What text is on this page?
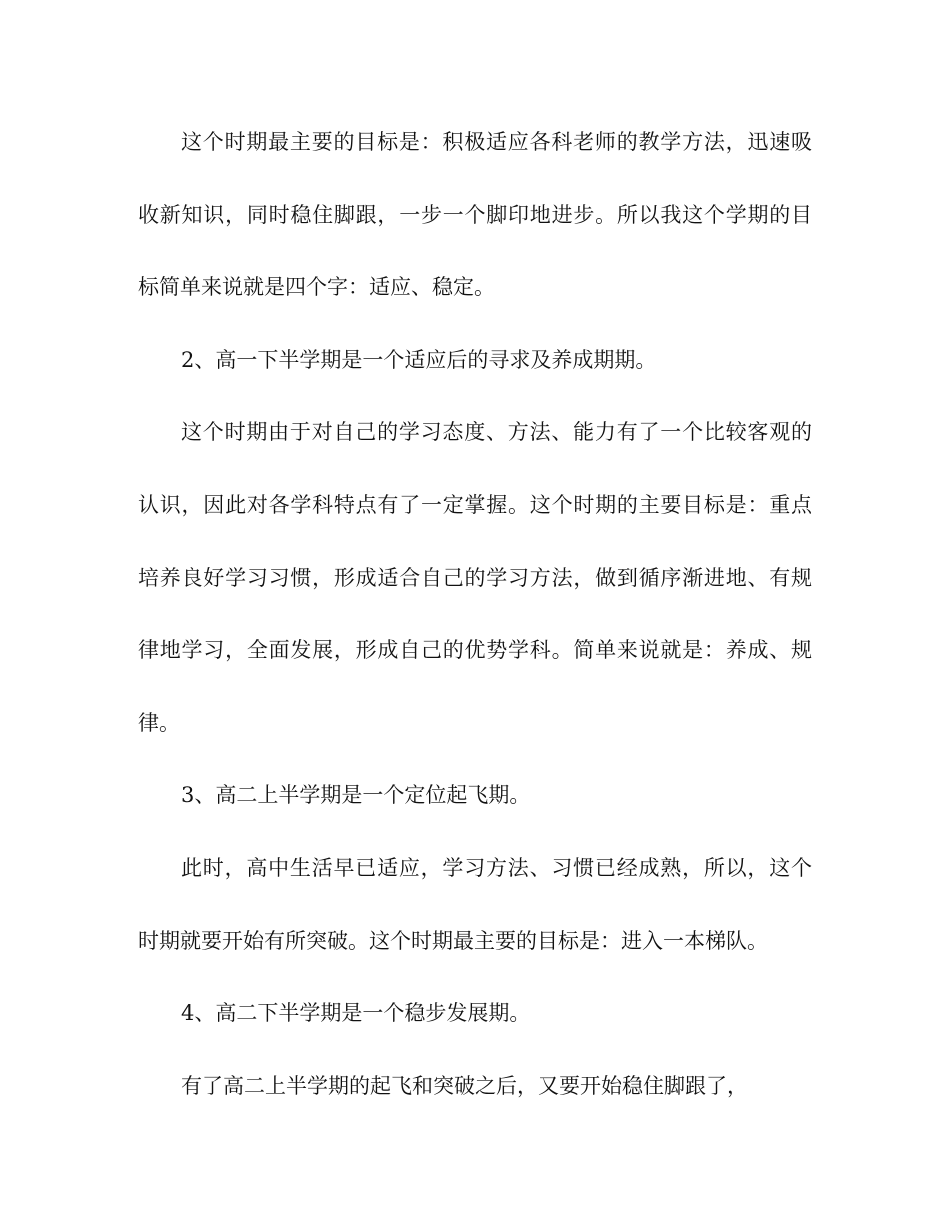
这个时期最主要的目标是：积极适应各科老师的教学方法，迅速吸
收新知识，同时稳住脚跟，一步一个脚印地进步。所以我这个学期的目
标简单来说就是四个字：适应、稳定。
2、高一下半学期是一个适应后的寻求及养成期期。
这个时期由于对自己的学习态度、方法、能力有了一个比较客观的
认识，因此对各学科特点有了一定掌握。这个时期的主要目标是：重点
培养良好学习习惯，形成适合自己的学习方法，做到循序渐进地、有规
律地学习，全面发展，形成自己的优势学科。简单来说就是：养成、规
律。
3、高二上半学期是一个定位起飞期。
此时，高中生活早已适应，学习方法、习惯已经成熟，所以，这个
时期就要开始有所突破。这个时期最主要的目标是：进入一本梯队。
4、高二下半学期是一个稳步发展期。
有了高二上半学期的起飞和突破之后，又要开始稳住脚跟了，
